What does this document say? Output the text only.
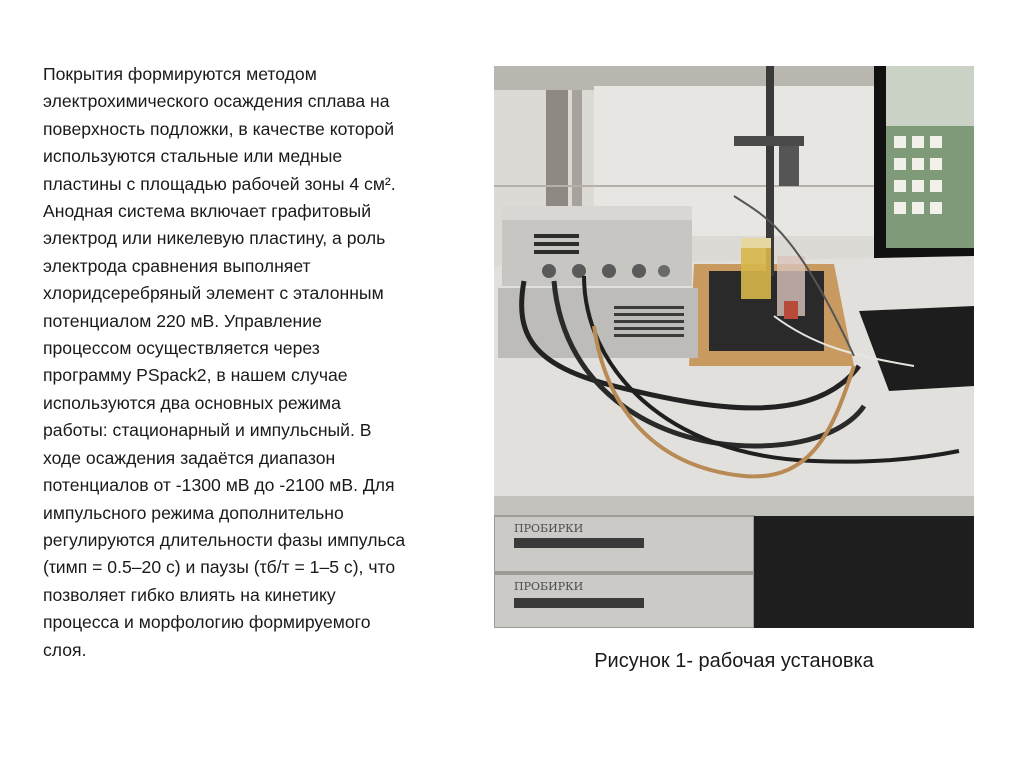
Покрытия формируются методом
электрохимического осаждения сплава на
поверхность подложки, в качестве которой
используются стальные или медные
пластины с площадью рабочей зоны 4 см².
Анодная система включает графитовый
электрод или никелевую пластину, а роль
электрода сравнения выполняет
хлоридсеребряный элемент с эталонным
потенциалом 220 мВ. Управление
процессом осуществляется через
программу PSpack2, в нашем случае
используются два основных режима
работы: стационарный и импульсный. В
ходе осаждения задаётся диапазон
потенциалов от -1300 мВ до -2100 мВ. Для
импульсного режима дополнительно
регулируются длительности фазы импульса
(τимп = 0.5–20 с) и паузы (τб/т = 1–5 с), что
позволяет гибко влиять на кинетику
процесса и морфологию формируемого
слоя.

ПРОБИРКИ
ПРОБИРКИ

Рисунок 1- рабочая установка
